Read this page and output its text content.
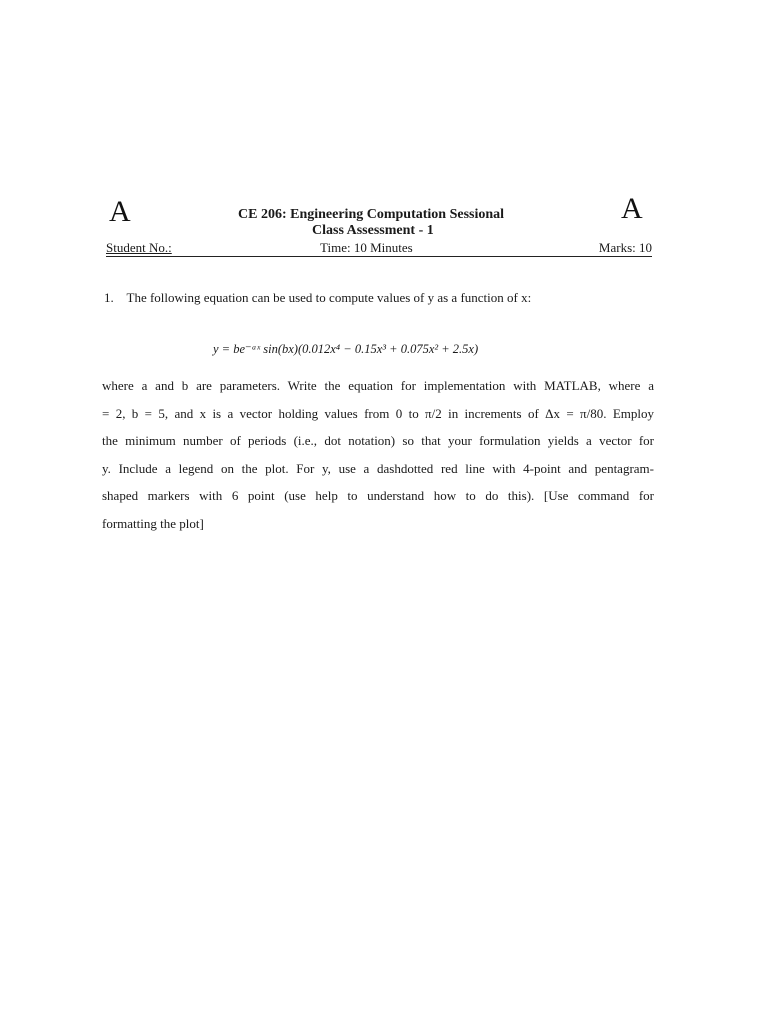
A	A
CE 206: Engineering Computation Sessional
Class Assessment - 1
Student No.:	Time: 10 Minutes	Marks: 10
1. The following equation can be used to compute values of y as a function of x:
y = be⁻ᵃˣ sin(bx)(0.012x⁴ − 0.15x³ + 0.075x² + 2.5x)
where a and b are parameters. Write the equation for implementation with MATLAB, where a
= 2, b = 5, and x is a vector holding values from 0 to π/2 in increments of Δx = π/80. Employ
the minimum number of periods (i.e., dot notation) so that your formulation yields a vector for
y. Include a legend on the plot. For y, use a dashdotted red line with 4-point and pentagram-
shaped markers with 6 point (use help to understand how to do this). [Use command for
formatting the plot]
